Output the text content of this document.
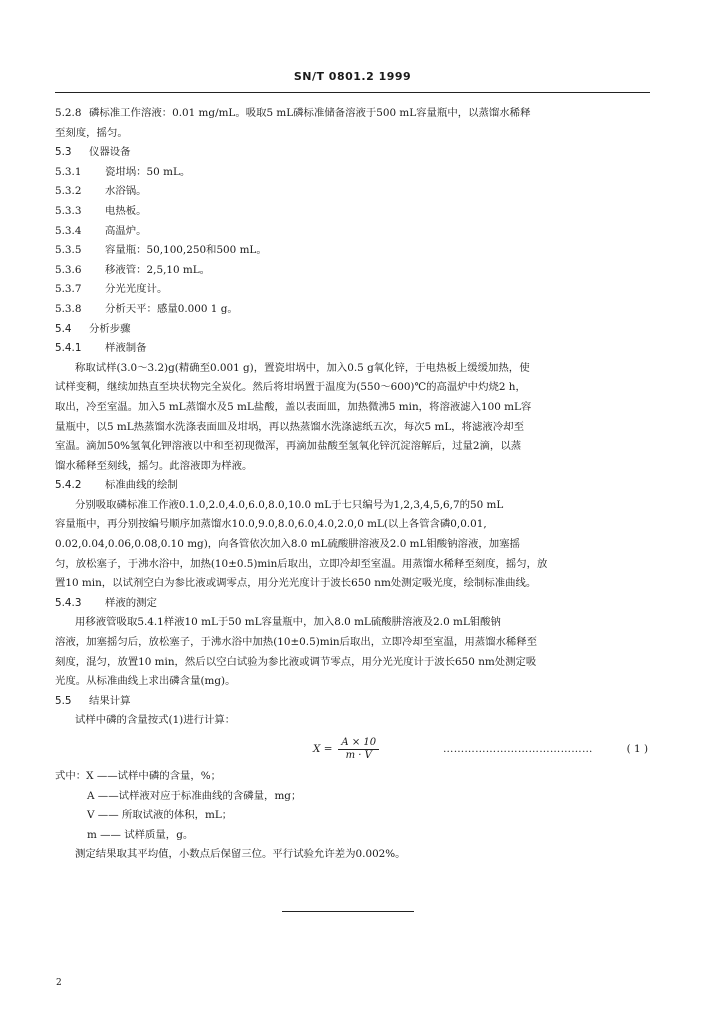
SN/T 0801.2 1999
5.2.8 磷标准工作溶液：0.01 mg/mL。吸取5 mL磷标准储备溶液于500 mL容量瓶中，以蒸馏水稀释
至刻度，摇匀。
5.3	仪器设备
5.3.1	瓷坩埚：50 mL。
5.3.2	水浴锅。
5.3.3	电热板。
5.3.4	高温炉。
5.3.5	容量瓶：50,100,250和500 mL。
5.3.6	移液管：2,5,10 mL。
5.3.7	分光光度计。
5.3.8	分析天平：感量0.000 1 g。
5.4	分析步骤
5.4.1	样液制备
称取试样(3.0～3.2)g(精确至0.001 g)，置瓷坩埚中，加入0.5 g氧化锌，于电热板上缓缓加热，使
试样变稠，继续加热直至块状物完全炭化。然后将坩埚置于温度为(550～600)℃的高温炉中灼烧2 h，
取出，冷至室温。加入5 mL蒸馏水及5 mL盐酸，盖以表面皿，加热微沸5 min，将溶液滤入100 mL容
量瓶中，以5 mL热蒸馏水洗涤表面皿及坩埚，再以热蒸馏水洗涤滤纸五次，每次5 mL，将滤液冷却至
室温。滴加50%氢氧化钾溶液以中和至初现微浑，再滴加盐酸至氢氧化锌沉淀溶解后，过量2滴，以蒸
馏水稀释至刻线，摇匀。此溶液即为样液。
5.4.2	标准曲线的绘制
分别吸取磷标准工作液0.1.0,2.0,4.0,6.0,8.0,10.0 mL于七只编号为1,2,3,4,5,6,7的50 mL
容量瓶中，再分别按编号顺序加蒸馏水10.0,9.0,8.0,6.0,4.0,2.0,0 mL(以上各管含磷0,0.01,
0.02,0.04,0.06,0.08,0.10 mg)，向各管依次加入8.0 mL硫酸肼溶液及2.0 mL钼酸钠溶液，加塞摇
匀，放松塞子，于沸水浴中，加热(10±0.5)min后取出，立即冷却至室温。用蒸馏水稀释至刻度，摇匀，放
置10 min，以试剂空白为参比液或调零点，用分光光度计于波长650 nm处测定吸光度，绘制标准曲线。
5.4.3	样液的测定
用移液管吸取5.4.1样液10 mL于50 mL容量瓶中，加入8.0 mL硫酸肼溶液及2.0 mL钼酸钠
溶液，加塞摇匀后，放松塞子，于沸水浴中加热(10±0.5)min后取出，立即冷却至室温，用蒸馏水稀释至
刻度，混匀，放置10 min，然后以空白试验为参比液或调节零点，用分光光度计于波长650 nm处测定吸
光度。从标准曲线上求出磷含量(mg)。
5.5	结果计算
试样中磷的含量按式(1)进行计算：
$X = \frac{A \times 10}{m \cdot V}$	……………………………………	( 1 )
式中：X ——试样中磷的含量，%；
A ——试样液对应于标准曲线的含磷量，mg；
V —— 所取试液的体积，mL；
m —— 试样质量，g。
测定结果取其平均值，小数点后保留三位。平行试验允许差为0.002%。
2
